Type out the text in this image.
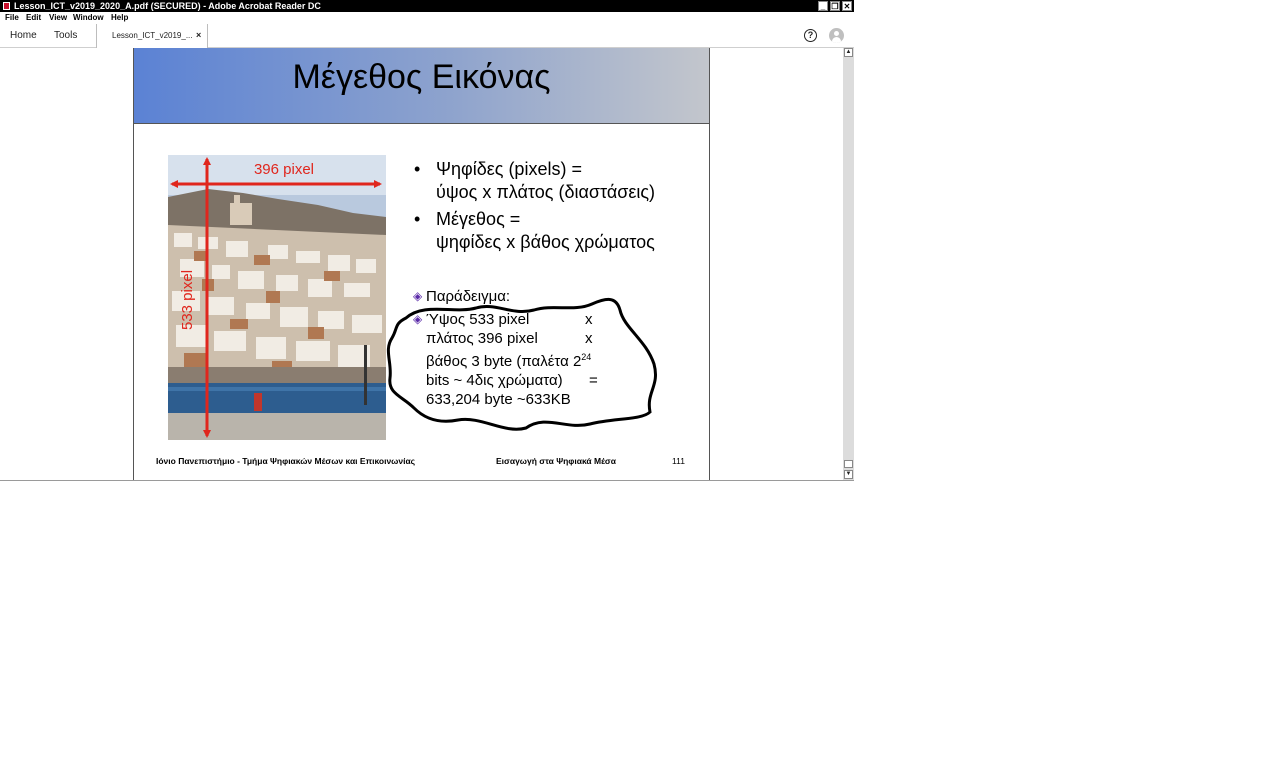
Lesson_ICT_v2019_2020_A.pdf (SECURED) - Adobe Acrobat Reader DC	_ ❐ ✕
File Edit View Window Help
Home Tools	Lesson_ICT_v2019_... ×	?
▲
▼
Μέγεθος Εικόνας
396 pixel
533 pixel
• Ψηφίδες (pixels) =
ύψος x πλάτος (διαστάσεις)
• Μέγεθος =
ψηφίδες x βάθος χρώματος
◈ Παράδειγμα:
◈ Ύψος 533 pixel	x
πλάτος 396 pixel	x
βάθος 3 byte (παλέτα $2^{24}$
bits ~ 4δις χρώματα) =
633,204 byte ~633KB
Ιόνιο Πανεπιστήμιο - Τμήμα Ψηφιακών Μέσων και Επικοινωνίας	Εισαγωγή στα Ψηφιακά Μέσα	111
